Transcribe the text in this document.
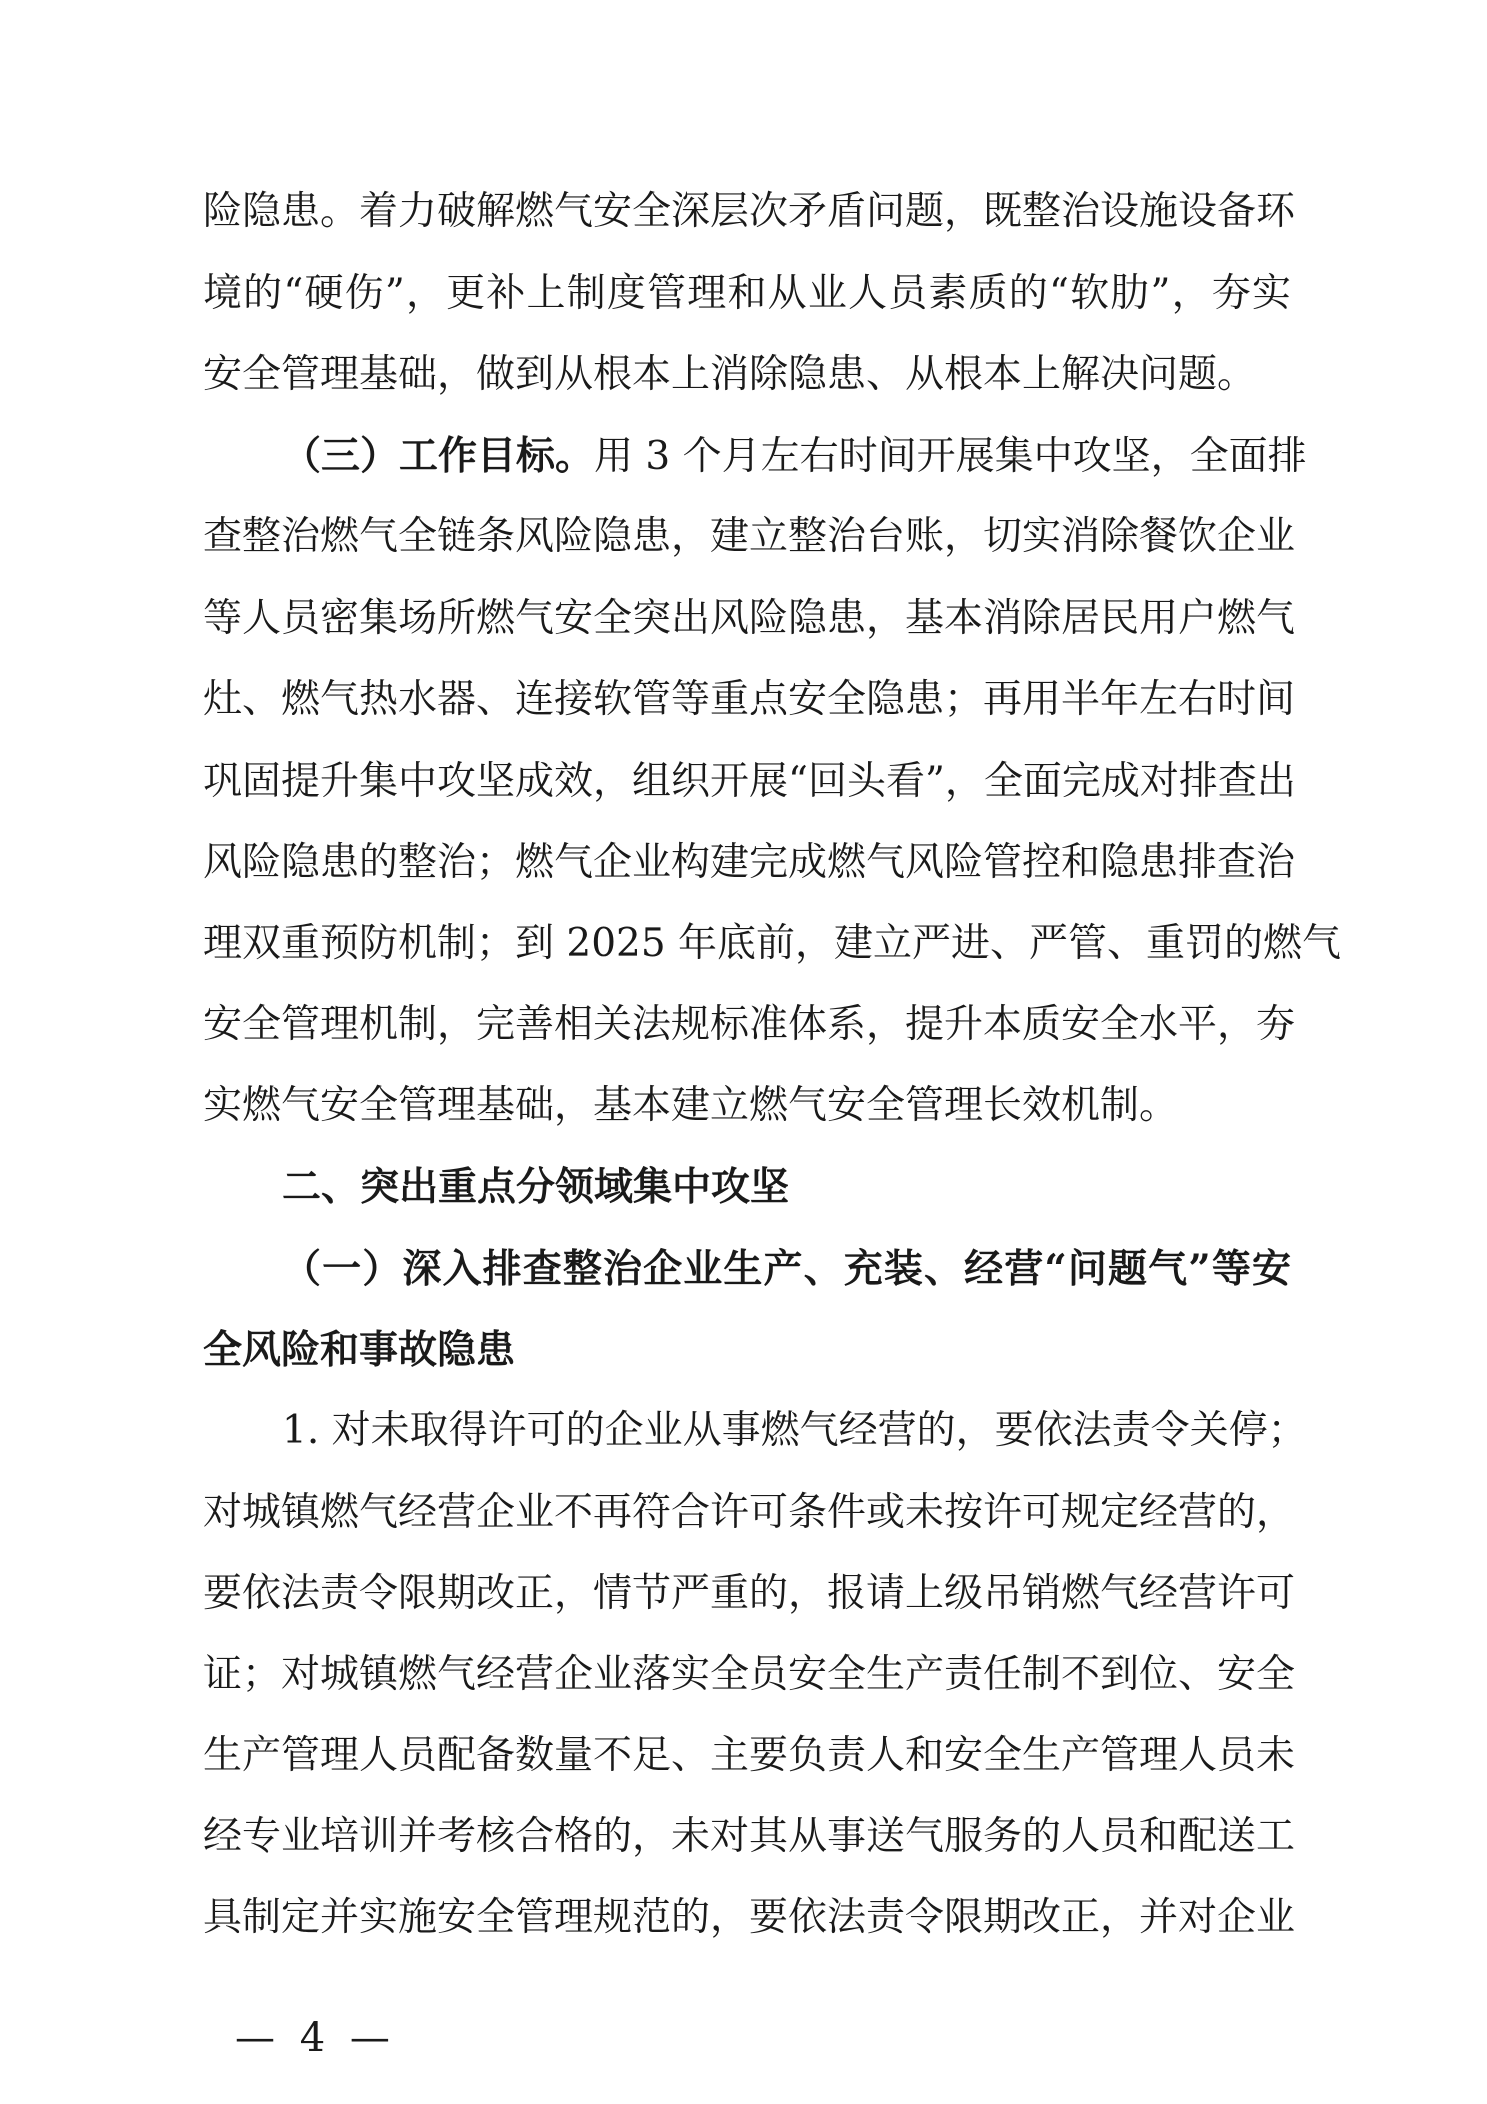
险隐患。着力破解燃气安全深层次矛盾问题，既整治设施设备环
境的“硬伤”，更补上制度管理和从业人员素质的“软肋”，夯实
安全管理基础，做到从根本上消除隐患、从根本上解决问题。
（三）工作目标。用 3 个月左右时间开展集中攻坚，全面排
查整治燃气全链条风险隐患，建立整治台账，切实消除餐饮企业
等人员密集场所燃气安全突出风险隐患，基本消除居民用户燃气
灶、燃气热水器、连接软管等重点安全隐患；再用半年左右时间
巩固提升集中攻坚成效，组织开展“回头看”，全面完成对排查出
风险隐患的整治；燃气企业构建完成燃气风险管控和隐患排查治
理双重预防机制；到 2025 年底前，建立严进、严管、重罚的燃气
安全管理机制，完善相关法规标准体系，提升本质安全水平，夯
实燃气安全管理基础，基本建立燃气安全管理长效机制。
二、突出重点分领域集中攻坚
（一）深入排查整治企业生产、充装、经营“问题气”等安
全风险和事故隐患
1. 对未取得许可的企业从事燃气经营的，要依法责令关停；
对城镇燃气经营企业不再符合许可条件或未按许可规定经营的，
要依法责令限期改正，情节严重的，报请上级吊销燃气经营许可
证；对城镇燃气经营企业落实全员安全生产责任制不到位、安全
生产管理人员配备数量不足、主要负责人和安全生产管理人员未
经专业培训并考核合格的，未对其从事送气服务的人员和配送工
具制定并实施安全管理规范的，要依法责令限期改正，并对企业
— 4 —
